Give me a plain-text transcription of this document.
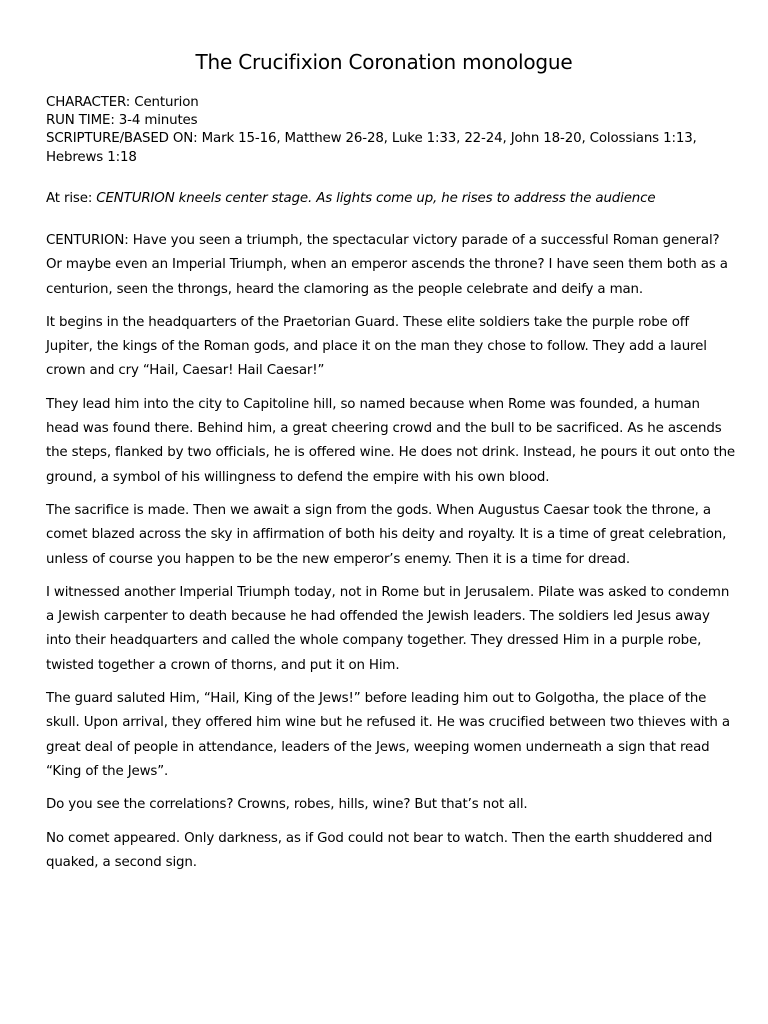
The Crucifixion Coronation monologue
CHARACTER: Centurion
RUN TIME: 3-4 minutes
SCRIPTURE/BASED ON: Mark 15-16, Matthew 26-28, Luke 1:33, 22-24, John 18-20, Colossians 1:13, Hebrews 1:18
At rise: CENTURION kneels center stage. As lights come up, he rises to address the audience

CENTURION: Have you seen a triumph, the spectacular victory parade of a successful Roman general? Or maybe even an Imperial Triumph, when an emperor ascends the throne? I have seen them both as a centurion, seen the throngs, heard the clamoring as the people celebrate and deify a man.

It begins in the headquarters of the Praetorian Guard. These elite soldiers take the purple robe off Jupiter, the kings of the Roman gods, and place it on the man they chose to follow. They add a laurel crown and cry “Hail, Caesar! Hail Caesar!”

They lead him into the city to Capitoline hill, so named because when Rome was founded, a human head was found there. Behind him, a great cheering crowd and the bull to be sacrificed. As he ascends the steps, flanked by two officials, he is offered wine. He does not drink. Instead, he pours it out onto the ground, a symbol of his willingness to defend the empire with his own blood.

The sacrifice is made. Then we await a sign from the gods. When Augustus Caesar took the throne, a comet blazed across the sky in affirmation of both his deity and royalty. It is a time of great celebration, unless of course you happen to be the new emperor’s enemy. Then it is a time for dread.

I witnessed another Imperial Triumph today, not in Rome but in Jerusalem. Pilate was asked to condemn a Jewish carpenter to death because he had offended the Jewish leaders. The soldiers led Jesus away into their headquarters and called the whole company together. They dressed Him in a purple robe, twisted together a crown of thorns, and put it on Him.

The guard saluted Him, “Hail, King of the Jews!” before leading him out to Golgotha, the place of the skull. Upon arrival, they offered him wine but he refused it. He was crucified between two thieves with a great deal of people in attendance, leaders of the Jews, weeping women underneath a sign that read “King of the Jews”.

Do you see the correlations? Crowns, robes, hills, wine? But that’s not all.

No comet appeared. Only darkness, as if God could not bear to watch. Then the earth shuddered and quaked, a second sign.
